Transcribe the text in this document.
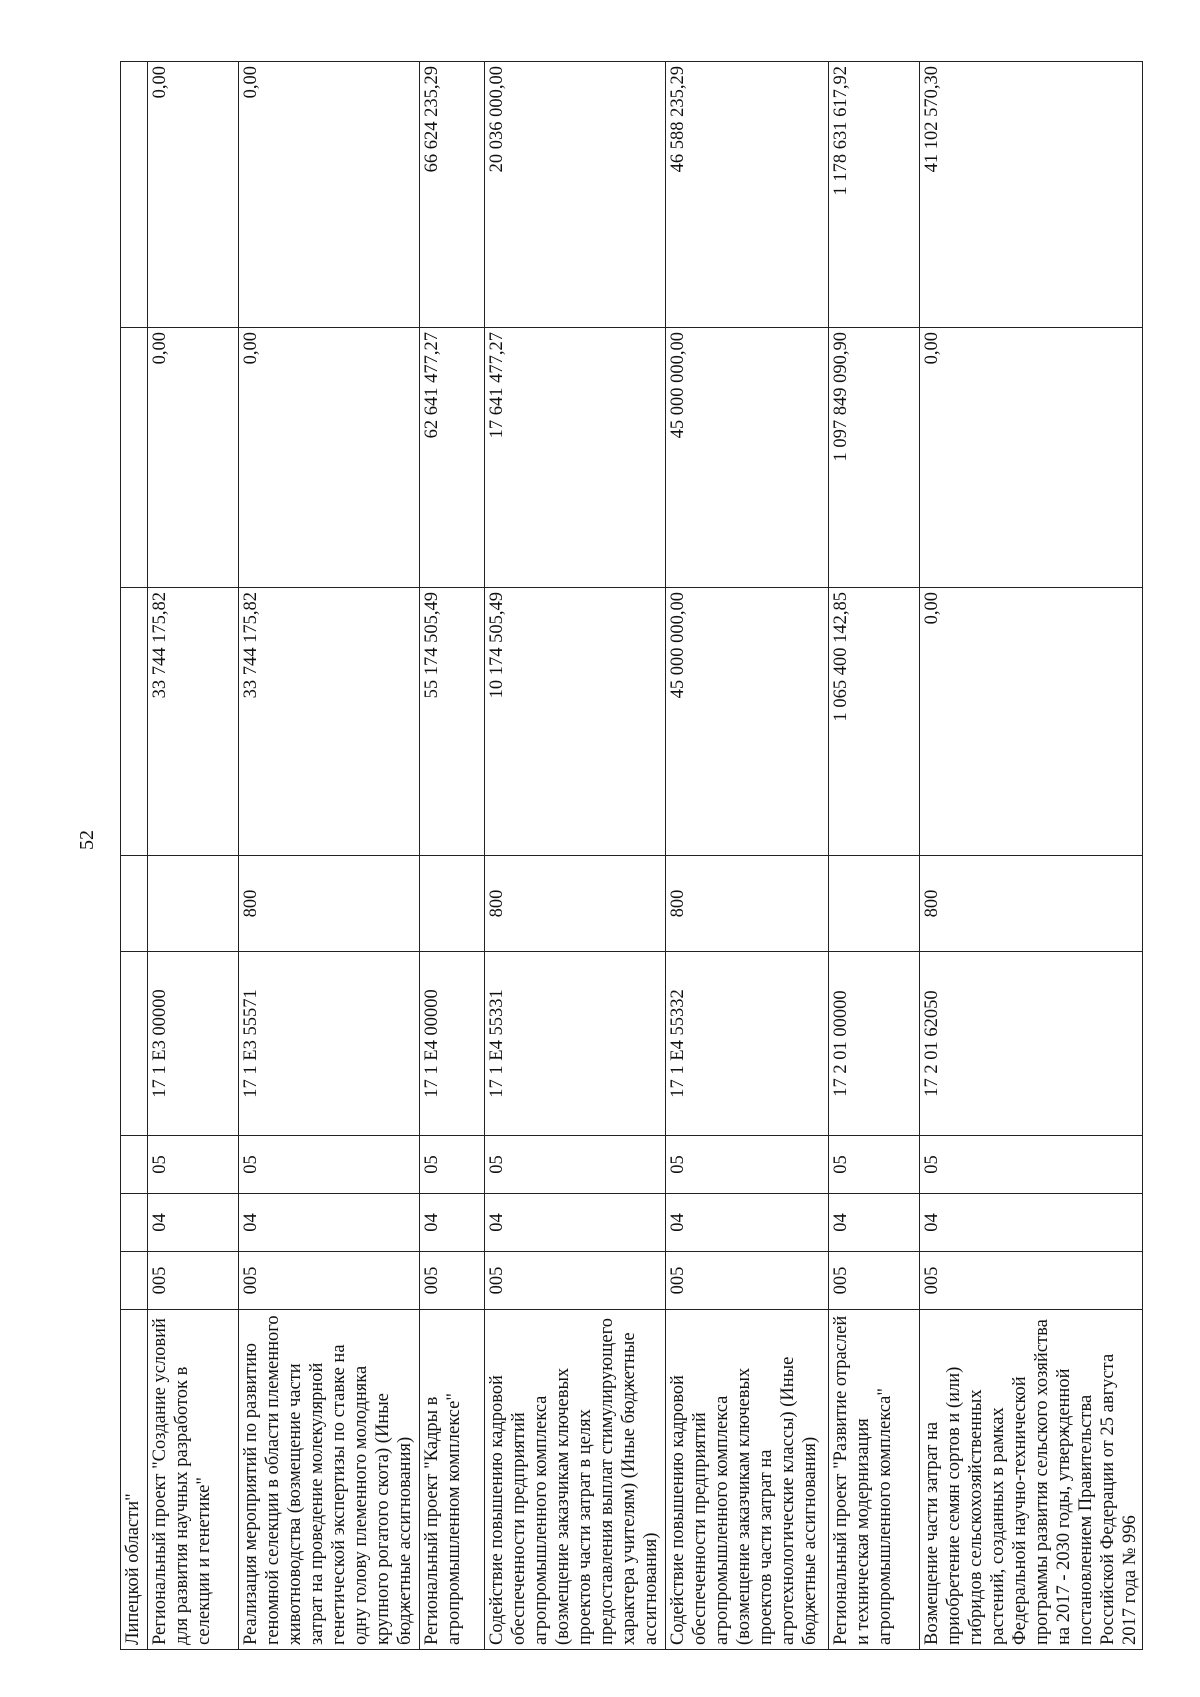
52
Липецкой области"								
Региональный проект "Создание условий для развития научных разработок в селекции и генетике"	005	04	05	17 1 Е3 00000		33 744 175,82	0,00	0,00
Реализация мероприятий по развитию геномной селекции в области племенного животноводства (возмещение части затрат на проведение молекулярной генетической экспертизы по ставке на одну голову племенного молодняка крупного рогатого скота) (Иные бюджетные ассигнования)	005	04	05	17 1 Е3 55571	800	33 744 175,82	0,00	0,00
Региональный проект "Кадры в агропромышленном комплексе"	005	04	05	17 1 Е4 00000		55 174 505,49	62 641 477,27	66 624 235,29
Содействие повышению кадровой обеспеченности предприятий агропромышленного комплекса (возмещение заказчикам ключевых проектов части затрат в целях предоставления выплат стимулирующего характера учителям) (Иные бюджетные ассигнования)	005	04	05	17 1 Е4 55331	800	10 174 505,49	17 641 477,27	20 036 000,00
Содействие повышению кадровой обеспеченности предприятий агропромышленного комплекса (возмещение заказчикам ключевых проектов части затрат на агротехнологические классы) (Иные бюджетные ассигнования)	005	04	05	17 1 Е4 55332	800	45 000 000,00	45 000 000,00	46 588 235,29
Региональный проект "Развитие отраслей и техническая модернизация агропромышленного комплекса"	005	04	05	17 2 01 00000		1 065 400 142,85	1 097 849 090,90	1 178 631 617,92
Возмещение части затрат на приобретение семян сортов и (или) гибридов сельскохозяйственных растений, созданных в рамках Федеральной научно-технической программы развития сельского хозяйства на 2017 - 2030 годы, утвержденной постановлением Правительства Российской Федерации от 25 августа 2017 года № 996	005	04	05	17 2 01 62050	800	0,00	0,00	41 102 570,30
